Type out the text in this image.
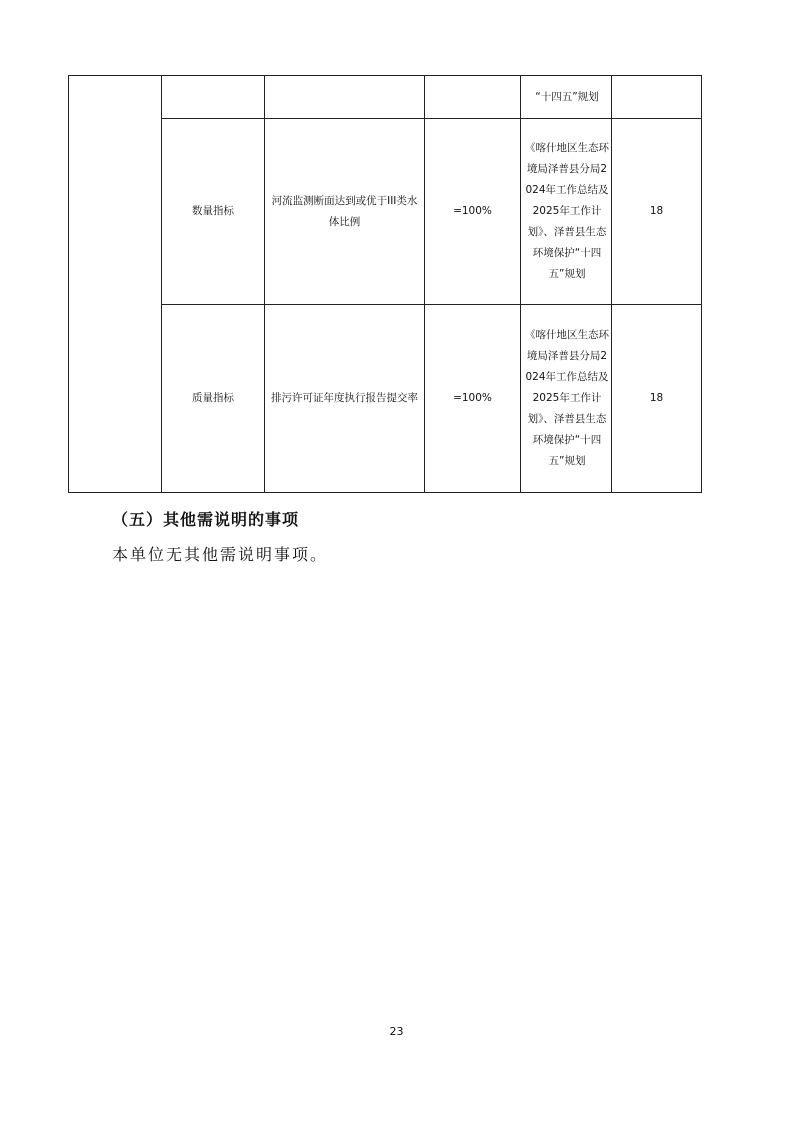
				“十四五”规划	

	数量指标	河流监测断面达到或优于III类水体比例	=100%	《喀什地区生态环境局泽普县分局2024年工作总结及2025年工作计划》、泽普县生态环境保护“十四五”规划	18
	质量指标	排污许可证年度执行报告提交率	=100%	《喀什地区生态环境局泽普县分局2024年工作总结及2025年工作计划》、泽普县生态环境保护“十四五”规划	18
（五）其他需说明的事项

本单位无其他需说明事项。

23
